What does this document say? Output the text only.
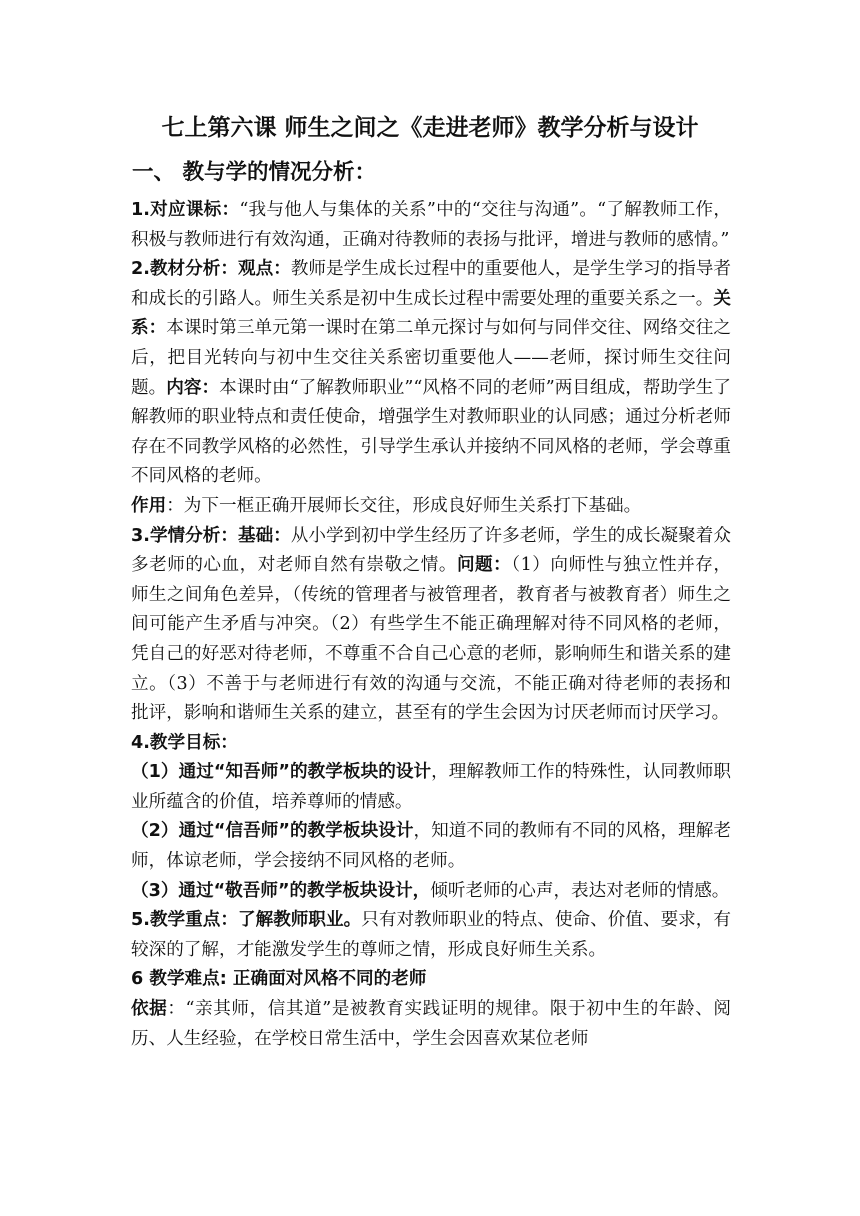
七上第六课 师生之间之《走进老师》教学分析与设计
一、 教与学的情况分析：

1.对应课标：“我与他人与集体的关系”中的“交往与沟通”。“了解教师工作，积极与教师进行有效沟通，正确对待教师的表扬与批评，增进与教师的感情。”

2.教材分析：观点：教师是学生成长过程中的重要他人，是学生学习的指导者和成长的引路人。师生关系是初中生成长过程中需要处理的重要关系之一。关系：本课时第三单元第一课时在第二单元探讨与如何与同伴交往、网络交往之后，把目光转向与初中生交往关系密切重要他人——老师，探讨师生交往问题。内容：本课时由“了解教师职业”“风格不同的老师”两目组成，帮助学生了解教师的职业特点和责任使命，增强学生对教师职业的认同感；通过分析老师存在不同教学风格的必然性，引导学生承认并接纳不同风格的老师，学会尊重不同风格的老师。

作用：为下一框正确开展师长交往，形成良好师生关系打下基础。

3.学情分析：基础：从小学到初中学生经历了许多老师，学生的成长凝聚着众多老师的心血，对老师自然有崇敬之情。问题：（1）向师性与独立性并存，师生之间角色差异，（传统的管理者与被管理者，教育者与被教育者）师生之间可能产生矛盾与冲突。（2）有些学生不能正确理解对待不同风格的老师，凭自己的好恶对待老师，不尊重不合自己心意的老师，影响师生和谐关系的建立。（3）不善于与老师进行有效的沟通与交流，不能正确对待老师的表扬和批评，影响和谐师生关系的建立，甚至有的学生会因为讨厌老师而讨厌学习。

4.教学目标：

（1）通过“知吾师”的教学板块的设计，理解教师工作的特殊性，认同教师职业所蕴含的价值，培养尊师的情感。

（2）通过“信吾师”的教学板块设计，知道不同的教师有不同的风格，理解老师，体谅老师，学会接纳不同风格的老师。

（3）通过“敬吾师”的教学板块设计，倾听老师的心声，表达对老师的情感。

5.教学重点：了解教师职业。只有对教师职业的特点、使命、价值、要求，有较深的了解，才能激发学生的尊师之情，形成良好师生关系。

6 教学难点: 正确面对风格不同的老师

依据：“亲其师，信其道”是被教育实践证明的规律。限于初中生的年龄、阅历、人生经验，在学校日常生活中，学生会因喜欢某位老师
